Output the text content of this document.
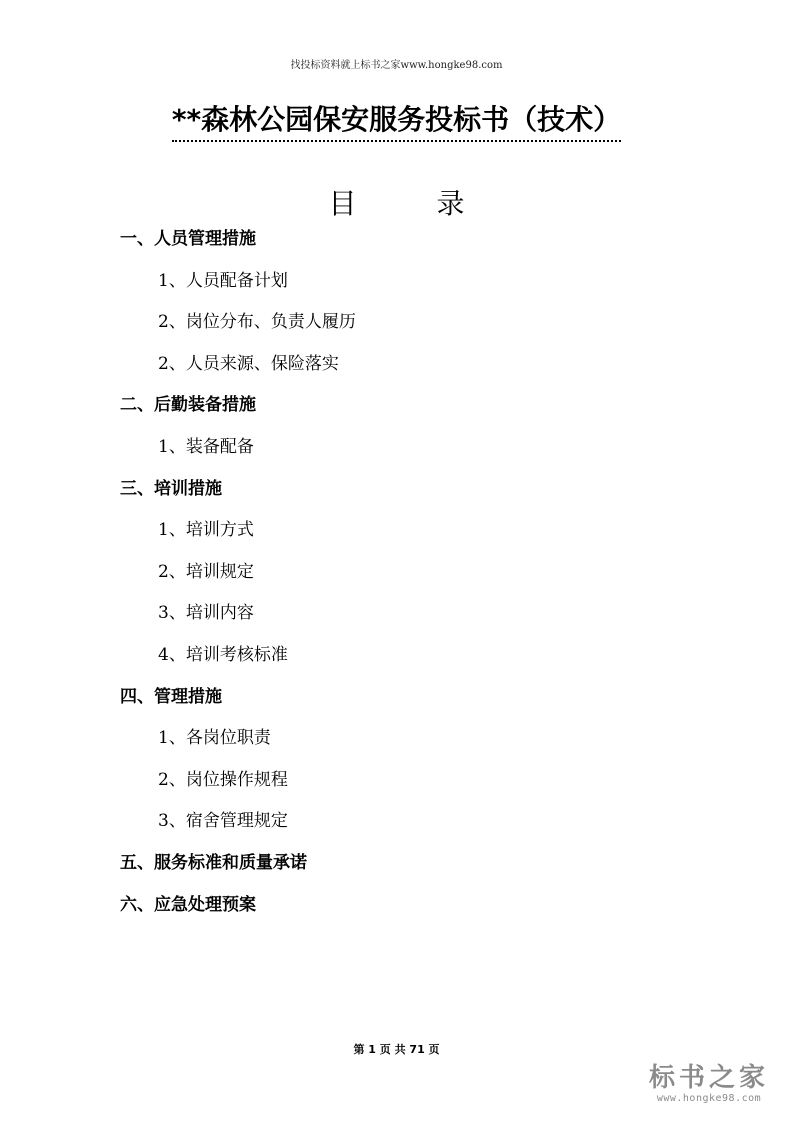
找投标资料就上标书之家www.hongke98.com
**森林公园保安服务投标书（技术）
目	录
一、人员管理措施
1、人员配备计划
2、岗位分布、负责人履历
2、人员来源、保险落实
二、后勤装备措施
1、装备配备
三、培训措施
1、培训方式
2、培训规定
3、培训内容
4、培训考核标准
四、管理措施
1、各岗位职责
2、岗位操作规程
3、宿舍管理规定
五、服务标准和质量承诺
六、应急处理预案
第 1 页 共 71 页
标书之家
www.hongke98.com
